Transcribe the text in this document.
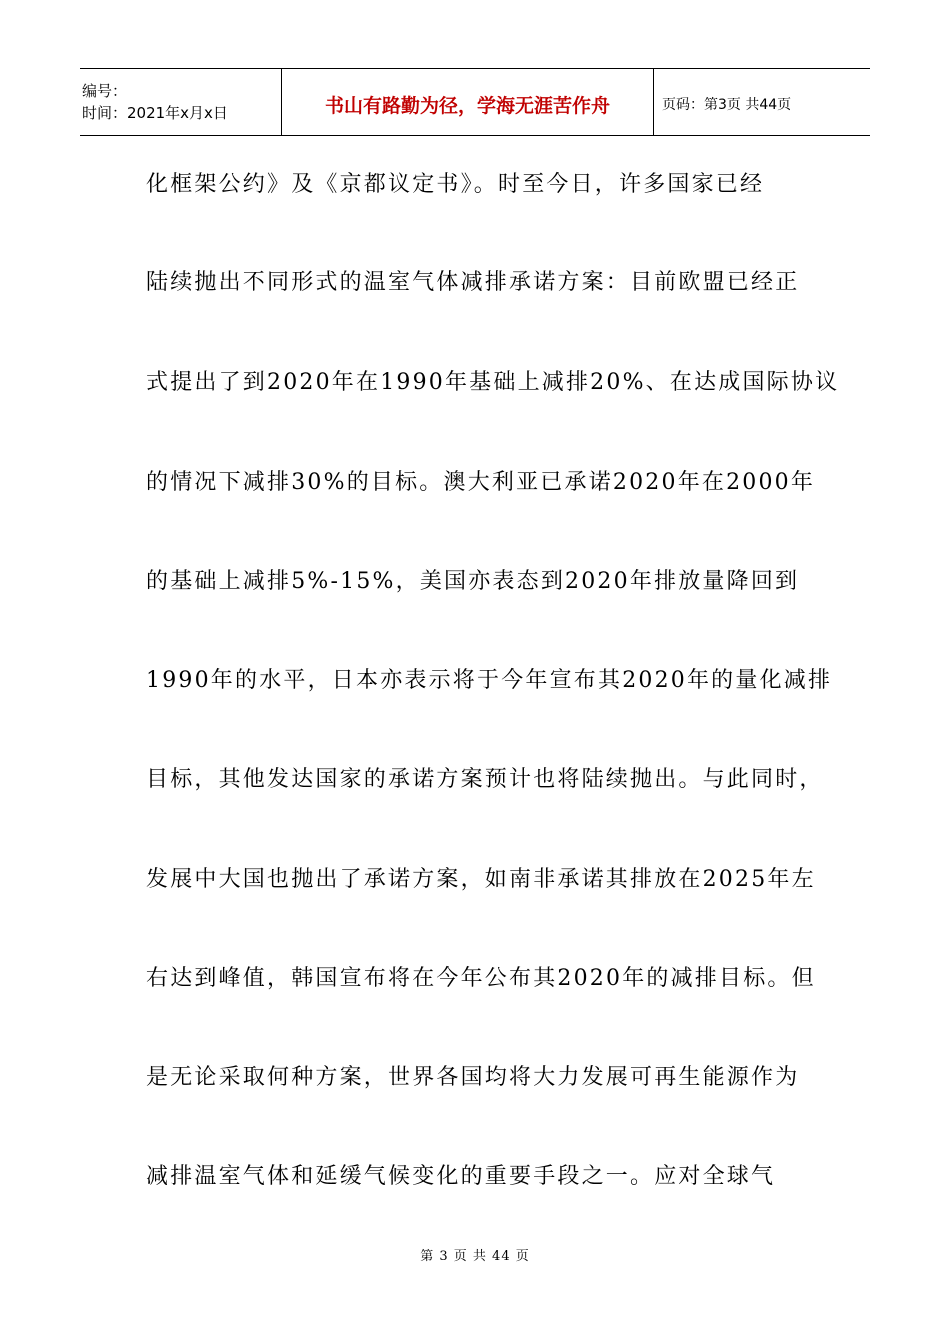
编号：
时间：2021年x月x日	书山有路勤为径，学海无涯苦作舟	页码：第3页 共44页
化框架公约》及《京都议定书》。时至今日，许多国家已经
陆续抛出不同形式的温室气体减排承诺方案：目前欧盟已经正
式提出了到2020年在1990年基础上减排20%、在达成国际协议
的情况下减排30%的目标。澳大利亚已承诺2020年在2000年
的基础上减排5%-15%，美国亦表态到2020年排放量降回到
1990年的水平，日本亦表示将于今年宣布其2020年的量化减排
目标，其他发达国家的承诺方案预计也将陆续抛出。与此同时，
发展中大国也抛出了承诺方案，如南非承诺其排放在2025年左
右达到峰值，韩国宣布将在今年公布其2020年的减排目标。但
是无论采取何种方案，世界各国均将大力发展可再生能源作为
减排温室气体和延缓气候变化的重要手段之一。应对全球气
第 3 页 共 44 页
